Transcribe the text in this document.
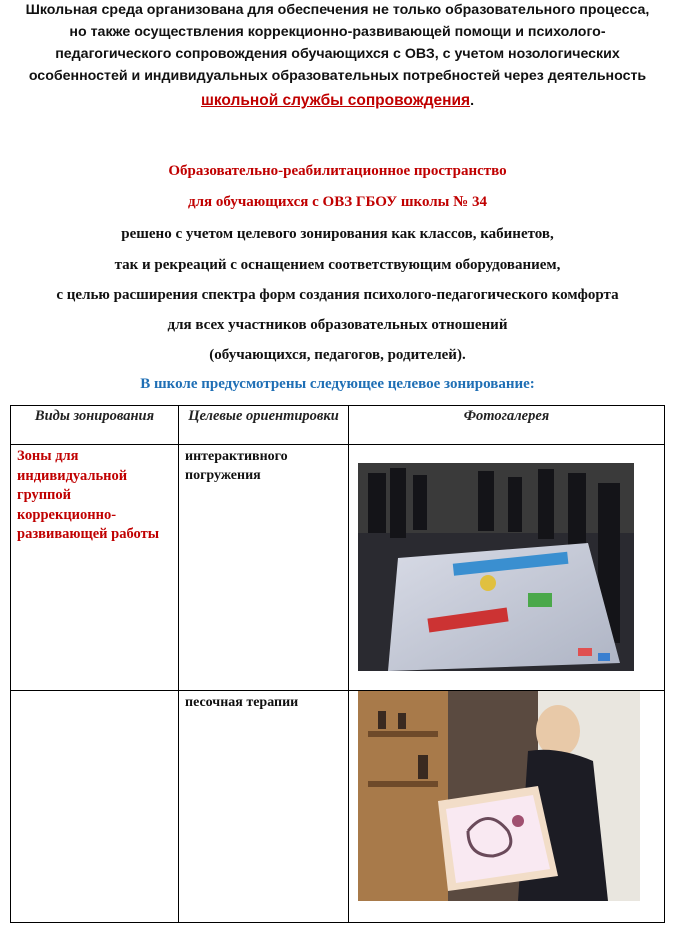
Школьная среда организована для обеспечения не только образовательного процесса,
но также осуществления коррекционно-развивающей помощи и психолого-
педагогического сопровождения обучающихся с ОВЗ, с учетом нозологических
особенностей и индивидуальных образовательных потребностей через деятельность
школьной службы сопровождения.
Образовательно-реабилитационное пространство
для обучающихся с ОВЗ ГБОУ школы № 34
решено с учетом целевого зонирования как классов, кабинетов,
так и рекреаций с оснащением соответствующим оборудованием,
с целью расширения спектра форм создания психолого-педагогического комфорта
для всех участников образовательных отношений
(обучающихся, педагогов, родителей).
В школе предусмотрены следующее целевое зонирование:
Виды зонирования	Целевые ориентировки	Фотогалерея
Зоны для индивидуальной группой коррекционно-развивающей работы	интерактивного погружения	

	песочная терапии	
